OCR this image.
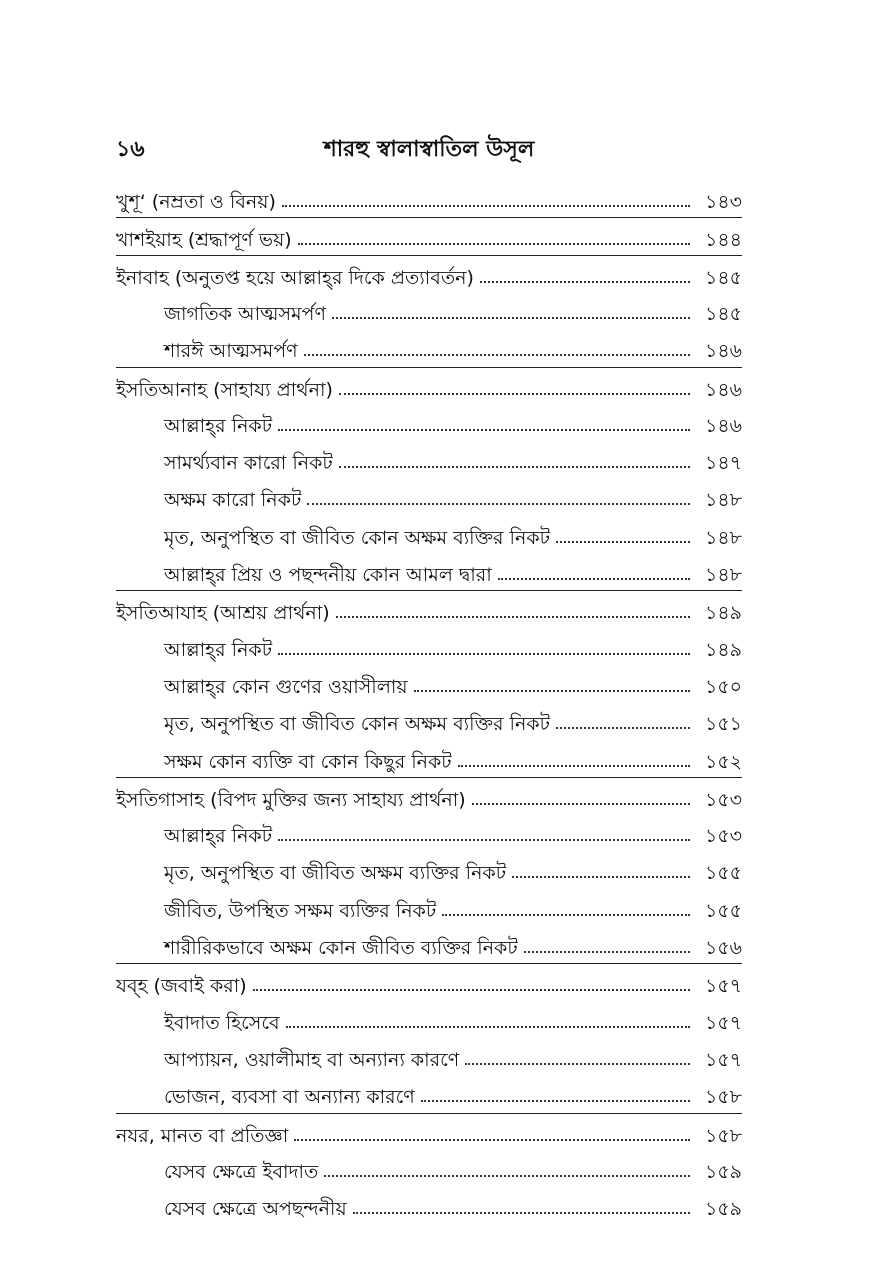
১৬	শারহু স্বালাস্বাতিল উসূল
খুশূ‘ (নম্রতা ও বিনয়)	১৪৩
খাশইয়াহ (শ্রদ্ধাপূর্ণ ভয়)	১৪৪
ইনাবাহ (অনুতপ্ত হয়ে আল্লাহ্‌র দিকে প্রত্যাবর্তন)	১৪৫
জাগতিক আত্মসমর্পণ	১৪৫
শারঈ আত্মসমর্পণ	১৪৬
ইসতিআনাহ (সাহায্য প্রার্থনা)	১৪৬
আল্লাহ্‌র নিকট	১৪৬
সামর্থ্যবান কারো নিকট	১৪৭
অক্ষম কারো নিকট	১৪৮
মৃত, অনুপস্থিত বা জীবিত কোন অক্ষম ব্যক্তির নিকট	১৪৮
আল্লাহ্‌র প্রিয় ও পছন্দনীয় কোন আমল দ্বারা	১৪৮
ইসতিআযাহ (আশ্রয় প্রার্থনা)	১৪৯
আল্লাহ্‌র নিকট	১৪৯
আল্লাহ্‌র কোন গুণের ওয়াসীলায়	১৫০
মৃত, অনুপস্থিত বা জীবিত কোন অক্ষম ব্যক্তির নিকট	১৫১
সক্ষম কোন ব্যক্তি বা কোন কিছুর নিকট	১৫২
ইসতিগাসাহ (বিপদ মুক্তির জন্য সাহায্য প্রার্থনা)	১৫৩
আল্লাহ্‌র নিকট	১৫৩
মৃত, অনুপস্থিত বা জীবিত অক্ষম ব্যক্তির নিকট	১৫৫
জীবিত, উপস্থিত সক্ষম ব্যক্তির নিকট	১৫৫
শারীরিকভাবে অক্ষম কোন জীবিত ব্যক্তির নিকট	১৫৬
যব্হ (জবাই করা)	১৫৭
ইবাদাত হিসেবে	১৫৭
আপ্যায়ন, ওয়ালীমাহ বা অন্যান্য কারণে	১৫৭
ভোজন, ব্যবসা বা অন্যান্য কারণে	১৫৮
নযর, মানত বা প্রতিজ্ঞা	১৫৮
যেসব ক্ষেত্রে ইবাদাত	১৫৯
যেসব ক্ষেত্রে অপছন্দনীয়	১৫৯
